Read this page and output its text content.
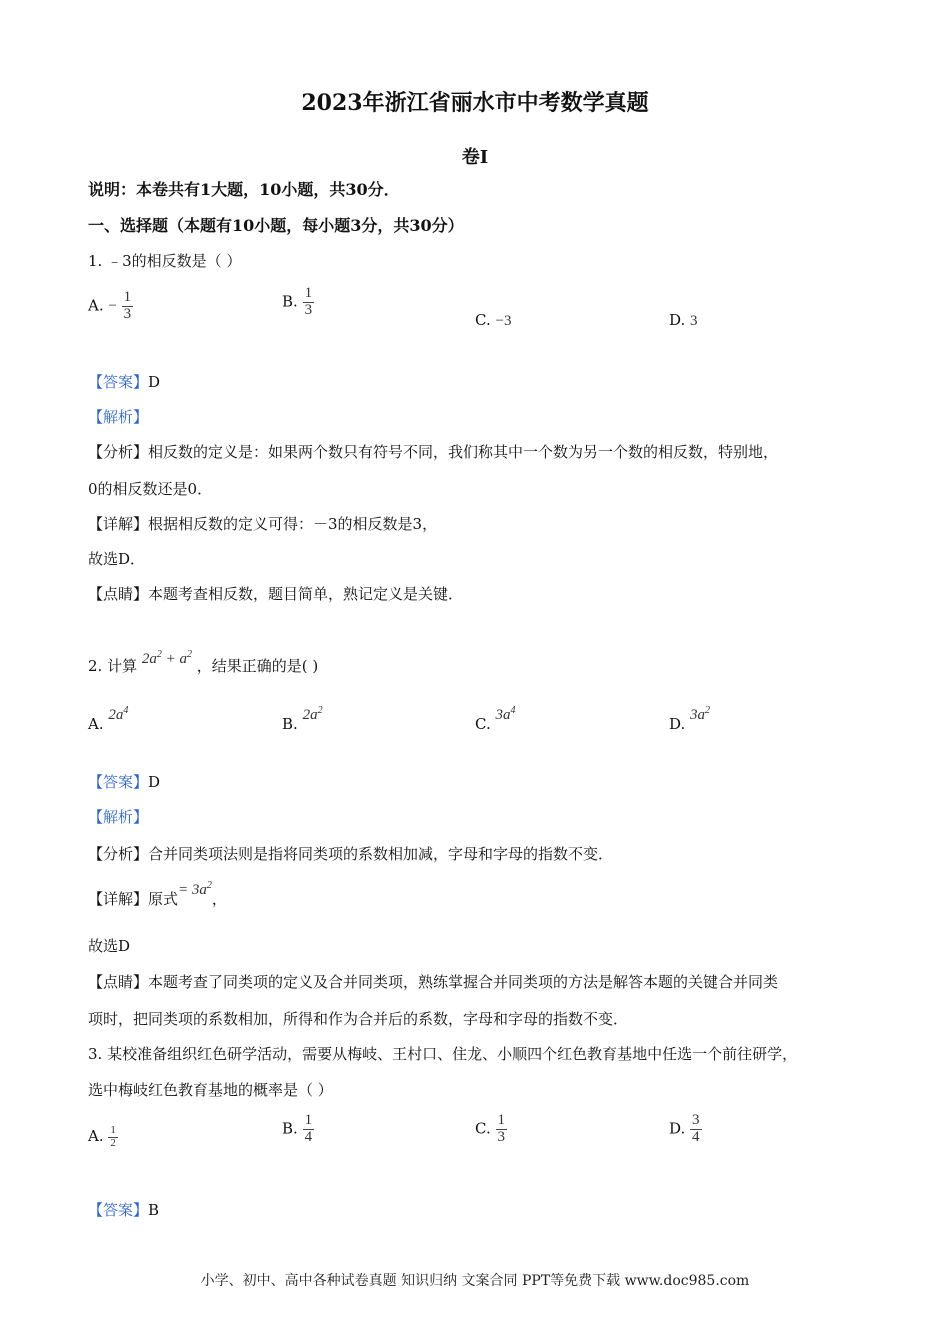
2023年浙江省丽水市中考数学真题
卷Ⅰ
说明：本卷共有1大题，10小题，共30分．
一、选择题（本题有10小题，每小题3分，共30分）
1. ﹣3的相反数是（ ）
A. − $\frac{1}{3}$	B. $\frac{1}{3}$
C. −3	D. 3
【答案】D
【解析】
【分析】相反数的定义是：如果两个数只有符号不同，我们称其中一个数为另一个数的相反数，特别地，
0的相反数还是0．
【详解】根据相反数的定义可得：－3的相反数是3，
故选D．
【点睛】本题考查相反数，题目简单，熟记定义是关键．
2. 计算 $2a^2 + a^2$ ，结果正确的是( )
A. $2a^4$
B. $2a^2$
C. $3a^4$
D. $3a^2$
【答案】D
【解析】
【分析】合并同类项法则是指将同类项的系数相加减，字母和字母的指数不变．
【详解】原式= $3a^2$，
故选D
【点睛】本题考查了同类项的定义及合并同类项，熟练掌握合并同类项的方法是解答本题的关键合并同类
项时，把同类项的系数相加，所得和作为合并后的系数，字母和字母的指数不变．
3. 某校准备组织红色研学活动，需要从梅岐、王村口、住龙、小顺四个红色教育基地中任选一个前往研学，
选中梅岐红色教育基地的概率是（ ）
A. $\frac{1}{2}$	B. $\frac{1}{4}$	C. $\frac{1}{3}$	D. $\frac{3}{4}$
【答案】B
小学、初中、高中各种试卷真题 知识归纳 文案合同 PPT等免费下载 www.doc985.com
